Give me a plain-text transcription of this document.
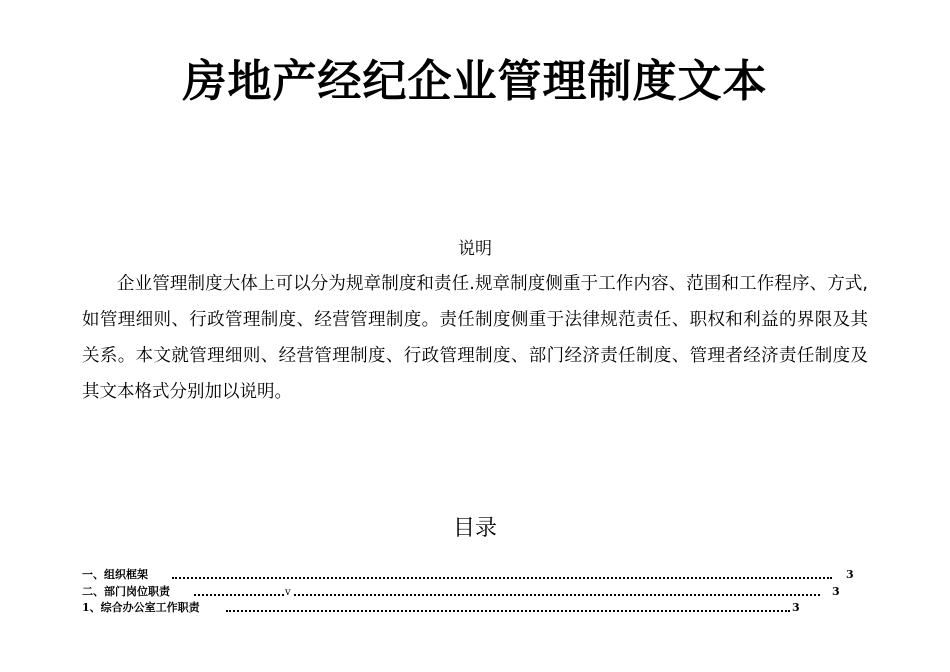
房地产经纪企业管理制度文本
说明

企业管理制度大体上可以分为规章制度和责任.规章制度侧重于工作内容、范围和工作程序、方式,如管理细则、行政管理制度、经营管理制度。责任制度侧重于法律规范责任、职权和利益的界限及其关系。本文就管理细则、经营管理制度、行政管理制度、部门经济责任制度、管理者经济责任制度及其文本格式分别加以说明。

目录
一、组织框架	3
二、部门岗位职责	v	3
1、综合办公室工作职责	3
